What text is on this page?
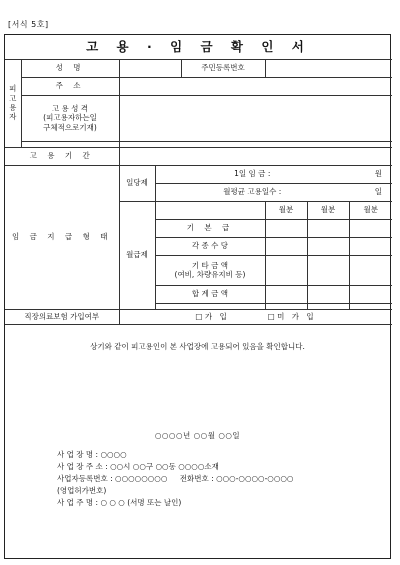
[서식 5호]
고 용 · 임 금 확 인 서							
피고용자	성 명			주민등록번호			
	주 소						

	고 용 성 격
(피고용자하는일
구체적으로기재)						

고 용 기 간							
임 금 지 급 형 태		일당제	1일 임 금 :				원
			월평균 고용일수 :				일
		월급제			월분	월분	월분
			기 본 급				
			각 종 수 당				

			기 타 금 액
(여비, 차량유지비 등)				

			합 계 금 액				

직장의료보험 가입여부		□ 가 입 □ 미 가 입					
상기와 같이 피고용인이 본 사업장에 고용되어 있음을 확인합니다.
○○○○년 ○○월 ○○일
사 업 장 명 : ○○○○
사 업 장 주 소 : ○○시 ○○구 ○○동 ○○○○소재
사업자등록번호 : ○○○○○○○○ 전화번호 : ○○○-○○○○-○○○○
(영업허가번호)
사 업 주 명 : ○ ○ ○ (서명 또는 날인)
